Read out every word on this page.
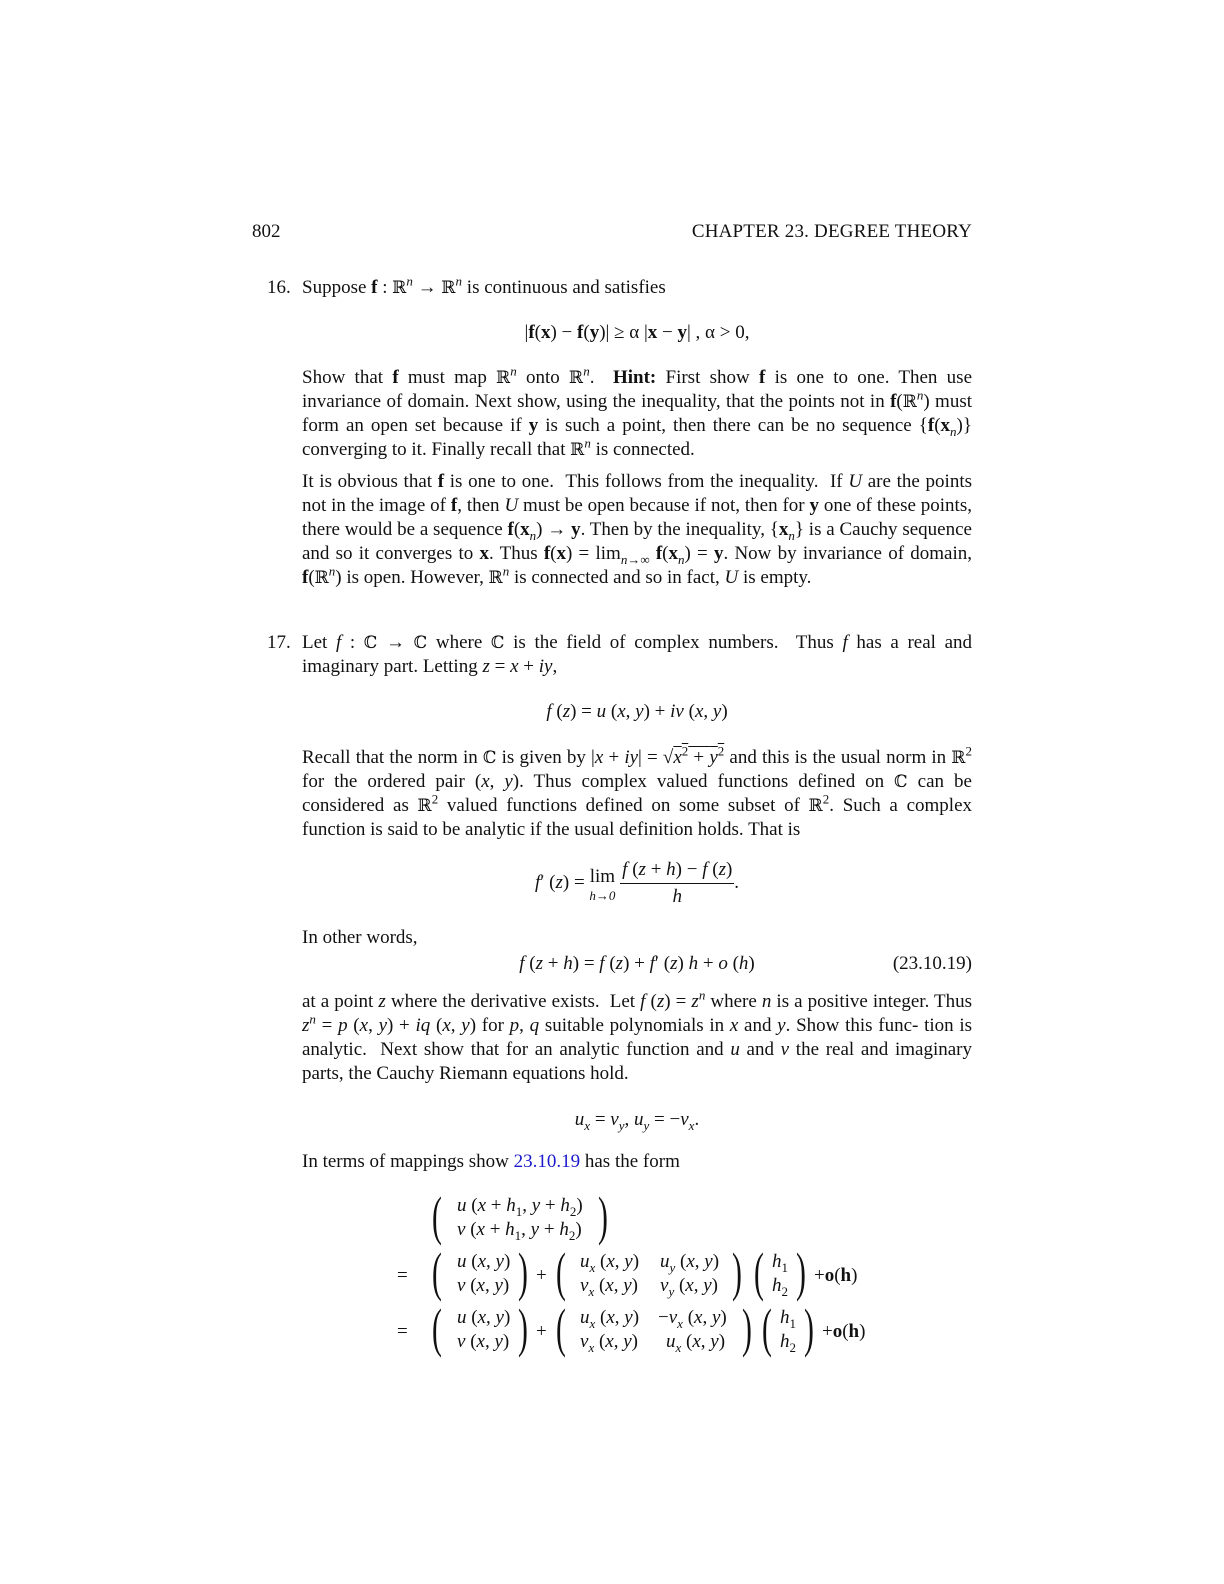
802	CHAPTER 23. DEGREE THEORY
16. Suppose f : ℝ$^n$ → ℝ$^n$ is continuous and satisfies
|f(x) − f(y)| ≥ α |x − y| , α > 0,
Show that f must map ℝ$^n$ onto ℝ$^n$.  Hint: First show f is one to one. Then use invariance of domain. Next show, using the inequality, that the points not in f(ℝ$^n$) must form an open set because if y is such a point, then there can be no sequence $\{f(x_n)\}$ converging to it. Finally recall that ℝ$^n$ is connected.
It is obvious that f is one to one.  This follows from the inequality.  If U are the points not in the image of f, then U must be open because if not, then for y one of these points, there would be a sequence $f(x_n) \to y$. Then by the inequality, $\{x_n\}$ is a Cauchy sequence and so it converges to x. Thus $f(x) = \lim_{n\to\infty} f(x_n) = y$. Now by invariance of domain, f(ℝ$^n$) is open. However, ℝ$^n$ is connected and so in fact, U is empty.
17. Let f : ℂ → ℂ where ℂ is the field of complex numbers.  Thus f has a real and imaginary part. Letting z = x + iy,
f (z) = u (x, y) + iv (x, y)
Recall that the norm in ℂ is given by $|x + iy| = √x^2 + y^2$ and this is the usual norm in ℝ$^2$ for the ordered pair (x, y). Thus complex valued functions defined on ℂ can be considered as ℝ$^2$ valued functions defined on some subset of ℝ$^2$. Such a complex function is said to be analytic if the usual definition holds. That is
f′ (z) = lim
h→0
$\frac{f (z + h) - f (z)}{h}$ .
In other words,
f (z + h) = f (z) + f′ (z) h + o (h)	(23.10.19)
at a point z where the derivative exists.  Let f $(z) = z^n$ where n is a positive integer. Thus $z^n = p$ (x, y) + iq (x, y) for p, q suitable polynomials in x and y. Show this func- tion is analytic.  Next show that for an analytic function and u and v the real and imaginary parts, the Cauchy Riemann equations hold.
$u_x = v_y$, $u_y = -v_x$.
In terms of mappings show 23.10.19 has the form
( u ($x + h_1$, $y + h_2$)
v ($x + h_1$, $y + h_2$) )
= ( u (x, y)
v (x, y) ) + ( $u_x$ (x, y)
$v_x$ (x, y)
$u_y$ (x, y)
$v_y$ (x, y) ) ( $h_1$
$h_2$ ) +o(h)
= ( u (x, y)
v (x, y) ) + ( $u_x$ (x, y)
$v_x$ (x, y)
$-v_x$ (x, y)
$u_x$ (x, y) ) ( $h_1$
$h_2$ ) +o(h)
